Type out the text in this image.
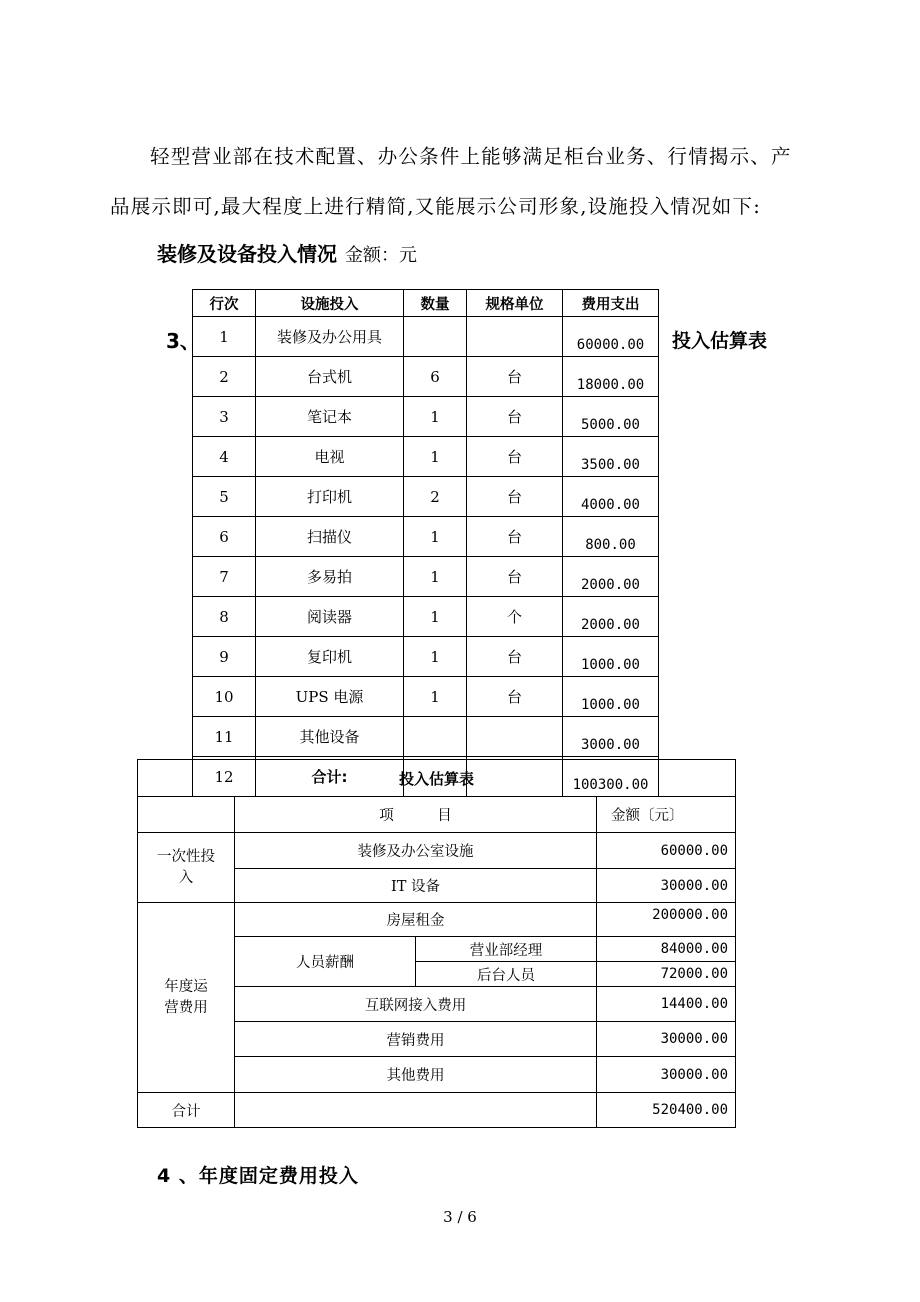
轻型营业部在技术配置、办公条件上能够满足柜台业务、行情揭示、产
品展示即可,最大程度上进行精简,又能展示公司形象,设施投入情况如下:
装修及设备投入情况 金额：元
3、	投入估算表
行次	设施投入	数量	规格单位	费用支出
1	装修及办公用具			60000.00
2	台式机	6	台	18000.00
3	笔记本	1	台	5000.00
4	电视	1	台	3500.00
5	打印机	2	台	4000.00
6	扫描仪	1	台	800.00
7	多易拍	1	台	2000.00
8	阅读器	1	个	2000.00
9	复印机	1	台	1000.00
10	UPS 电源	1	台	1000.00
11	其他设备			3000.00
12	合计:			100300.00
投入估算表			
	项　　　目		金额〔元〕

一次性投入	装修及办公室设施		60000.00
	IT 设备		30000.00

年度运营费用	房屋租金		200000.00
	人员薪酬	营业部经理	84000.00
		后台人员	72000.00
	互联网接入费用		14400.00
	营销费用		30000.00
	其他费用		30000.00

合计			520400.00
4 、年度固定费用投入
3 / 6
